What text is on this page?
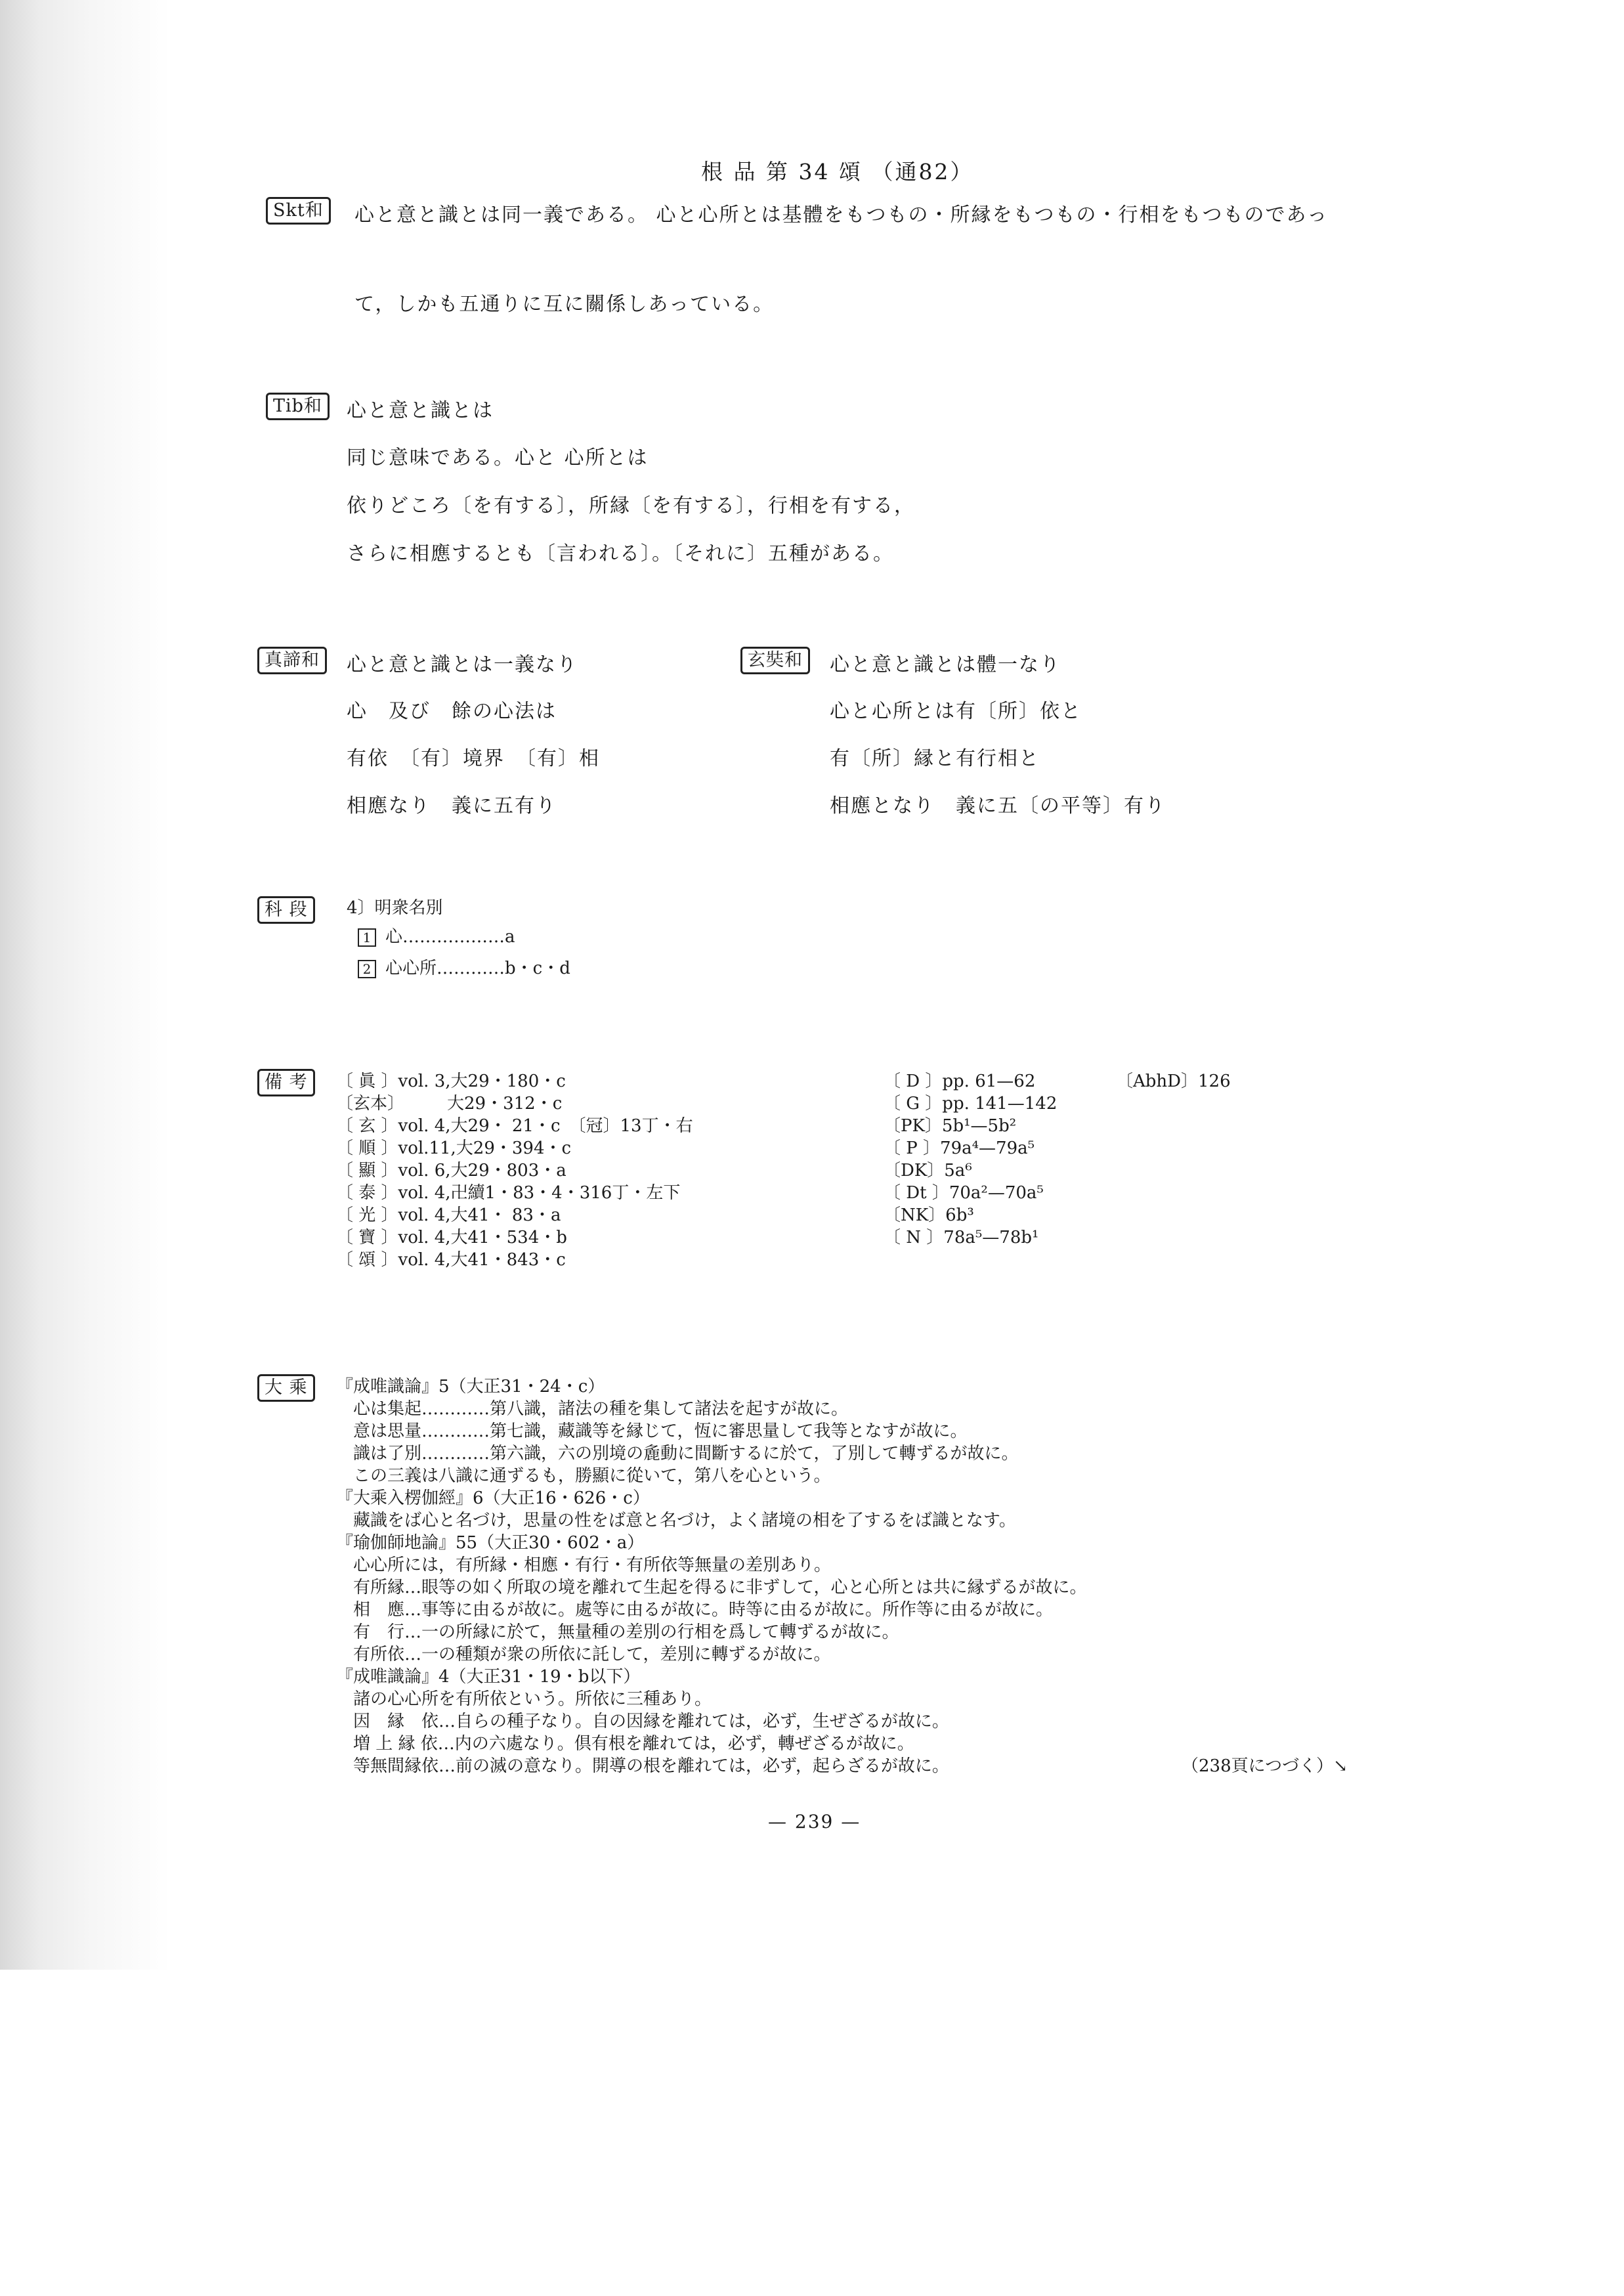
根 品 第 34 頌 （通82）
Skt和	心と意と識とは同一義である。 心と心所とは基體をもつもの・所縁をもつもの・行相をもつものであっ
て，しかも五通りに互に關係しあっている。
Tib和	心と意と識とは
同じ意味である。心と 心所とは
依りどころ〔を有する〕，所縁〔を有する〕，行相を有する，
さらに相應するとも〔言われる〕。〔それに〕五種がある。
真諦和	心と意と識とは一義なり
心　及び　餘の心法は
有依　〔有〕境界　〔有〕相
相應なり　義に五有り
玄奘和	心と意と識とは體一なり
心と心所とは有〔所〕依と
有〔所〕縁と有行相と
相應となり　義に五〔の平等〕有り
科 段	4〕明衆名別
1 心………………a
2 心心所…………b・c・d
備 考	〔 眞 〕vol. 3,大29・180・c
〔玄本〕　　　大29・312・c
〔 玄 〕vol. 4,大29・ 21・c　〔冠〕13丁・右
〔 順 〕vol.11,大29・394・c
〔 顯 〕vol. 6,大29・803・a
〔 泰 〕vol. 4,卍續1・83・4・316丁・左下
〔 光 〕vol. 4,大41・ 83・a
〔 寶 〕vol. 4,大41・534・b
〔 頌 〕vol. 4,大41・843・c
〔 D 〕pp. 61—62
〔 G 〕pp. 141—142
〔PK〕5b¹—5b²
〔 P 〕79a⁴—79a⁵
〔DK〕5a⁶
〔 Dt 〕70a²—70a⁵
〔NK〕6b³
〔 N 〕78a⁵—78b¹
〔AbhD〕126
大 乘	『成唯識論』5（大正31・24・c）
　心は集起…………第八識，諸法の種を集して諸法を起すが故に。
　意は思量…………第七識，藏識等を縁じて，恆に審思量して我等となすが故に。
　識は了別…………第六識，六の別境の麁動に間斷するに於て，了別して轉ずるが故に。
　この三義は八識に通ずるも，勝顯に從いて，第八を心という。
『大乘入楞伽經』6（大正16・626・c）
　藏識をば心と名づけ，思量の性をば意と名づけ，よく諸境の相を了するをば識となす。
『瑜伽師地論』55（大正30・602・a）
　心心所には，有所縁・相應・有行・有所依等無量の差別あり。
　有所縁…眼等の如く所取の境を離れて生起を得るに非ずして，心と心所とは共に縁ずるが故に。
　相　應…事等に由るが故に。處等に由るが故に。時等に由るが故に。所作等に由るが故に。
　有　行…一の所縁に於て，無量種の差別の行相を爲して轉ずるが故に。
　有所依…一の種類が衆の所依に託して，差別に轉ずるが故に。
『成唯識論』4（大正31・19・b以下）
　諸の心心所を有所依という。所依に三種あり。
　因　縁　依…自らの種子なり。自の因縁を離れては，必ず，生ぜざるが故に。
　増 上 縁 依…内の六處なり。倶有根を離れては，必ず，轉ぜざるが故に。
　等無間縁依…前の滅の意なり。開導の根を離れては，必ず，起らざるが故に。	（238頁につづく）↘
— 239 —
